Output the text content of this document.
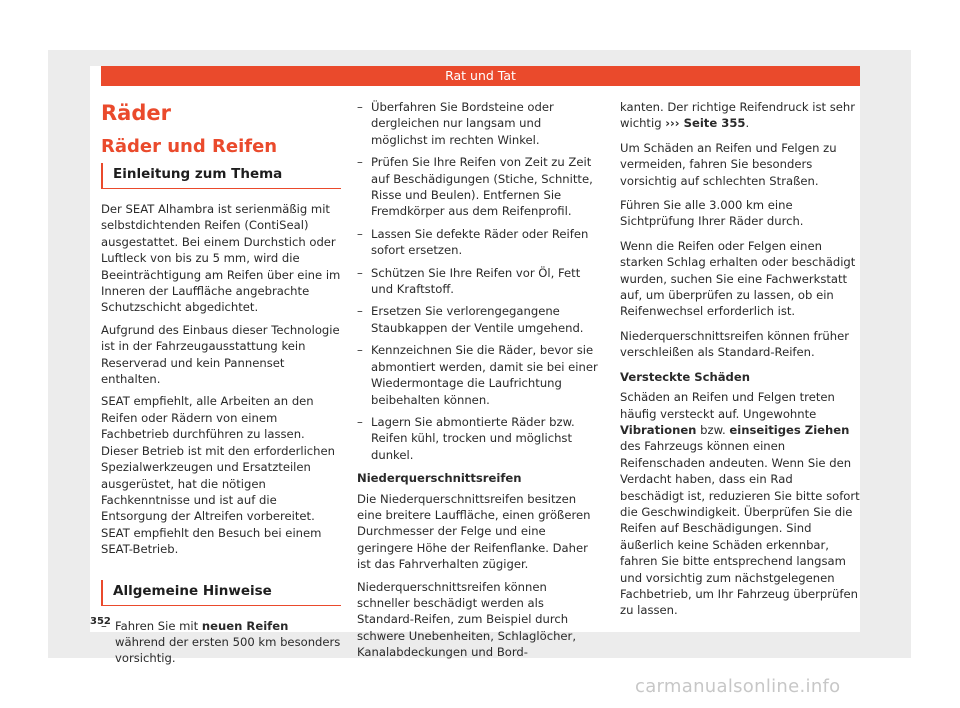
Rat und Tat
Räder
Räder und Reifen
Einleitung zum Thema

Der SEAT Alhambra ist serienmäßig mit selbstdichtenden Reifen (ContiSeal) ausgestattet. Bei einem Durchstich oder Luftleck von bis zu 5 mm, wird die Beeinträchtigung am Reifen über eine im Inneren der Lauffläche angebrachte Schutzschicht abgedichtet.

Aufgrund des Einbaus dieser Technologie ist in der Fahrzeugausstattung kein Reserverad und kein Pannenset enthalten.

SEAT empfiehlt, alle Arbeiten an den Reifen oder Rädern von einem Fachbetrieb durchführen zu lassen. Dieser Betrieb ist mit den erforderlichen Spezialwerkzeugen und Ersatzteilen ausgerüstet, hat die nötigen Fachkenntnisse und ist auf die Entsorgung der Altreifen vorbereitet. SEAT empfiehlt den Besuch bei einem SEAT-Betrieb.

Allgemeine Hinweise
– Fahren Sie mit neuen Reifen während der ersten 500 km besonders vorsichtig.
– Überfahren Sie Bordsteine oder dergleichen nur langsam und möglichst im rechten Winkel.
– Prüfen Sie Ihre Reifen von Zeit zu Zeit auf Beschädigungen (Stiche, Schnitte, Risse und Beulen). Entfernen Sie Fremdkörper aus dem Reifenprofil.
– Lassen Sie defekte Räder oder Reifen sofort ersetzen.
– Schützen Sie Ihre Reifen vor Öl, Fett und Kraftstoff.
– Ersetzen Sie verlorengegangene Staubkappen der Ventile umgehend.
– Kennzeichnen Sie die Räder, bevor sie abmontiert werden, damit sie bei einer Wiedermontage die Laufrichtung beibehalten können.
– Lagern Sie abmontierte Räder bzw. Reifen kühl, trocken und möglichst dunkel.
Niederquerschnittsreifen

Die Niederquerschnittsreifen besitzen eine breitere Lauffläche, einen größeren Durchmesser der Felge und eine geringere Höhe der Reifenflanke. Daher ist das Fahrverhalten zügiger.

Niederquerschnittsreifen können schneller beschädigt werden als Standard-Reifen, zum Beispiel durch schwere Unebenheiten, Schlaglöcher, Kanalabdeckungen und Bord-

kanten. Der richtige Reifendruck ist sehr wichtig ››› Seite 355.

Um Schäden an Reifen und Felgen zu vermeiden, fahren Sie besonders vorsichtig auf schlechten Straßen.

Führen Sie alle 3.000 km eine Sichtprüfung Ihrer Räder durch.

Wenn die Reifen oder Felgen einen starken Schlag erhalten oder beschädigt wurden, suchen Sie eine Fachwerkstatt auf, um überprüfen zu lassen, ob ein Reifenwechsel erforderlich ist.

Niederquerschnittsreifen können früher verschleißen als Standard-Reifen.

Versteckte Schäden

Schäden an Reifen und Felgen treten häufig versteckt auf. Ungewohnte Vibrationen bzw. einseitiges Ziehen des Fahrzeugs können einen Reifenschaden andeuten. Wenn Sie den Verdacht haben, dass ein Rad beschädigt ist, reduzieren Sie bitte sofort die Geschwindigkeit. Überprüfen Sie die Reifen auf Beschädigungen. Sind äußerlich keine Schäden erkennbar, fahren Sie bitte entsprechend langsam und vorsichtig zum nächstgelegenen Fachbetrieb, um Ihr Fahrzeug überprüfen zu lassen.

352
carmanualsonline.info
